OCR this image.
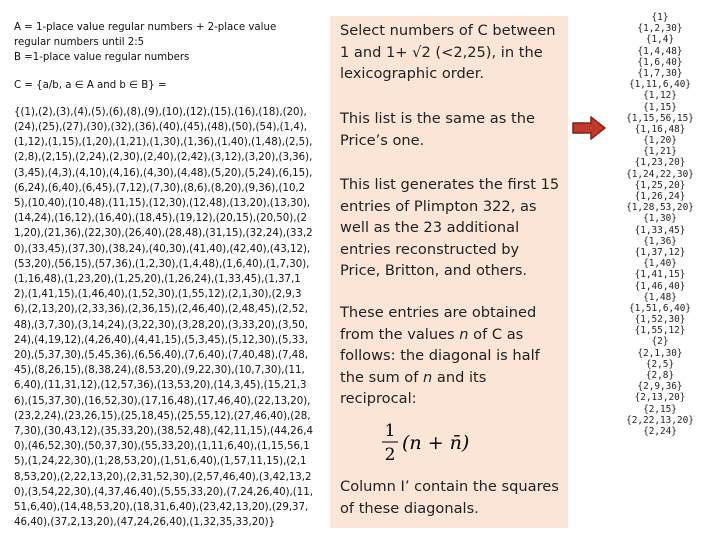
A = 1-place value regular numbers + 2-place value regular numbers until 2:5
B =1-place value regular numbers

C = {a/b, a ∈ A and b ∈ B} =

{(1),(2),(3),(4),(5),(6),(8),(9),(10),(12),(15),(16),(18),(20),(24),(25),(27),(30),(32),(36),(40),(45),(48),(50),(54),(1,4),(1,12),(1,15),(1,20),(1,21),(1,30),(1,36),(1,40),(1,48),(2,5),(2,8),(2,15),(2,24),(2,30),(2,40),(2,42),(3,12),(3,20),(3,36),(3,45),(4,3),(4,10),(4,16),(4,30),(4,48),(5,20),(5,24),(6,15),(6,24),(6,40),(6,45),(7,12),(7,30),(8,6),(8,20),(9,36),(10,25),(10,40),(10,48),(11,15),(12,30),(12,48),(13,20),(13,30),(14,24),(16,12),(16,40),(18,45),(19,12),(20,15),(20,50),(21,20),(21,36),(22,30),(26,40),(28,48),(31,15),(32,24),(33,20),(33,45),(37,30),(38,24),(40,30),(41,40),(42,40),(43,12),(53,20),(56,15),(57,36),(1,2,30),(1,4,48),(1,6,40),(1,7,30),(1,16,48),(1,23,20),(1,25,20),(1,26,24),(1,33,45),(1,37,12),(1,41,15),(1,46,40),(1,52,30),(1,55,12),(2,1,30),(2,9,36),(2,13,20),(2,33,36),(2,36,15),(2,46,40),(2,48,45),(2,52,48),(3,7,30),(3,14,24),(3,22,30),(3,28,20),(3,33,20),(3,50,24),(4,19,12),(4,26,40),(4,41,15),(5,3,45),(5,12,30),(5,33,20),(5,37,30),(5,45,36),(6,56,40),(7,6,40),(7,40,48),(7,48,45),(8,26,15),(8,38,24),(8,53,20),(9,22,30),(10,7,30),(11,6,40),(11,31,12),(12,57,36),(13,53,20),(14,3,45),(15,21,36),(15,37,30),(16,52,30),(17,16,48),(17,46,40),(22,13,20),(23,2,24),(23,26,15),(25,18,45),(25,55,12),(27,46,40),(28,7,30),(30,43,12),(35,33,20),(38,52,48),(42,11,15),(44,26,40),(46,52,30),(50,37,30),(55,33,20),(1,11,6,40),(1,15,56,15),(1,24,22,30),(1,28,53,20),(1,51,6,40),(1,57,11,15),(2,18,53,20),(2,22,13,20),(2,31,52,30),(2,57,46,40),(3,42,13,20),(3,54,22,30),(4,37,46,40),(5,55,33,20),(7,24,26,40),(11,51,6,40),(14,48,53,20),(18,31,6,40),(23,42,13,20),(29,37,46,40),(37,2,13,20),(47,24,26,40),(1,32,35,33,20)}

Select numbers of C between 1 and 1+ √2 (<2,25), in the lexicographic order.
This list is the same as the Price’s one.
This list generates the first 15 entries of Plimpton 322, as well as the 23 additional entries reconstructed by Price, Britton, and others.
These entries are obtained from the values n of C as follows: the diagonal is half the sum of n and its reciprocal:
1
2
(n + n̄)
Column I’ contain the squares of these diagonals.
{1}
{1,2,30}
{1,4}
{1,4,48}
{1,6,40}
{1,7,30}
{1,11,6,40}
{1,12}
{1,15}
{1,15,56,15}
{1,16,48}
{1,20}
{1,21}
{1,23,20}
{1,24,22,30}
{1,25,20}
{1,26,24}
{1,28,53,20}
{1,30}
{1,33,45}
{1,36}
{1,37,12}
{1,40}
{1,41,15}
{1,46,40}
{1,48}
{1,51,6,40}
{1,52,30}
{1,55,12}
{2}
{2,1,30}
{2,5}
{2,8}
{2,9,36}
{2,13,20}
{2,15}
{2,22,13,20}
{2,24}
